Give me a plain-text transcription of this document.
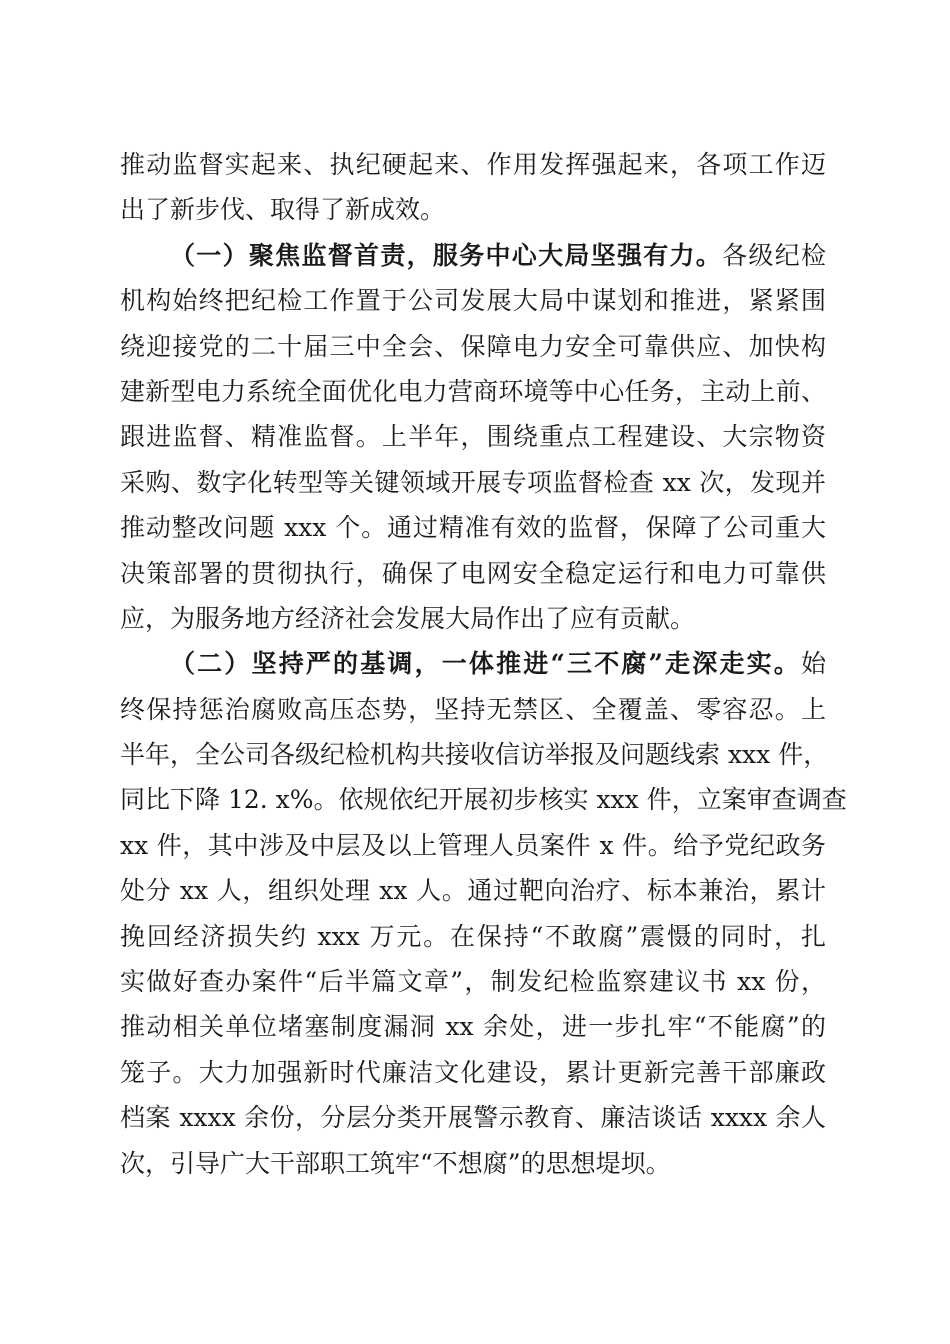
推动监督实起来、执纪硬起来、作用发挥强起来，各项工作迈
出了新步伐、取得了新成效。
（一）聚焦监督首责，服务中心大局坚强有力。各级纪检
机构始终把纪检工作置于公司发展大局中谋划和推进，紧紧围
绕迎接党的二十届三中全会、保障电力安全可靠供应、加快构
建新型电力系统全面优化电力营商环境等中心任务，主动上前、
跟进监督、精准监督。上半年，围绕重点工程建设、大宗物资
采购、数字化转型等关键领域开展专项监督检查 xx 次，发现并
推动整改问题 xxx 个。通过精准有效的监督，保障了公司重大
决策部署的贯彻执行，确保了电网安全稳定运行和电力可靠供
应，为服务地方经济社会发展大局作出了应有贡献。
（二）坚持严的基调，一体推进“三不腐”走深走实。始
终保持惩治腐败高压态势，坚持无禁区、全覆盖、零容忍。上
半年，全公司各级纪检机构共接收信访举报及问题线索 xxx 件，
同比下降 12. x%。依规依纪开展初步核实 xxx 件，立案审查调查
xx 件，其中涉及中层及以上管理人员案件 x 件。给予党纪政务
处分 xx 人，组织处理 xx 人。通过靶向治疗、标本兼治，累计
挽回经济损失约 xxx 万元。在保持“不敢腐”震慑的同时，扎
实做好查办案件“后半篇文章”，制发纪检监察建议书 xx 份，
推动相关单位堵塞制度漏洞 xx 余处，进一步扎牢“不能腐”的
笼子。大力加强新时代廉洁文化建设，累计更新完善干部廉政
档案 xxxx 余份，分层分类开展警示教育、廉洁谈话 xxxx 余人
次，引导广大干部职工筑牢“不想腐”的思想堤坝。
